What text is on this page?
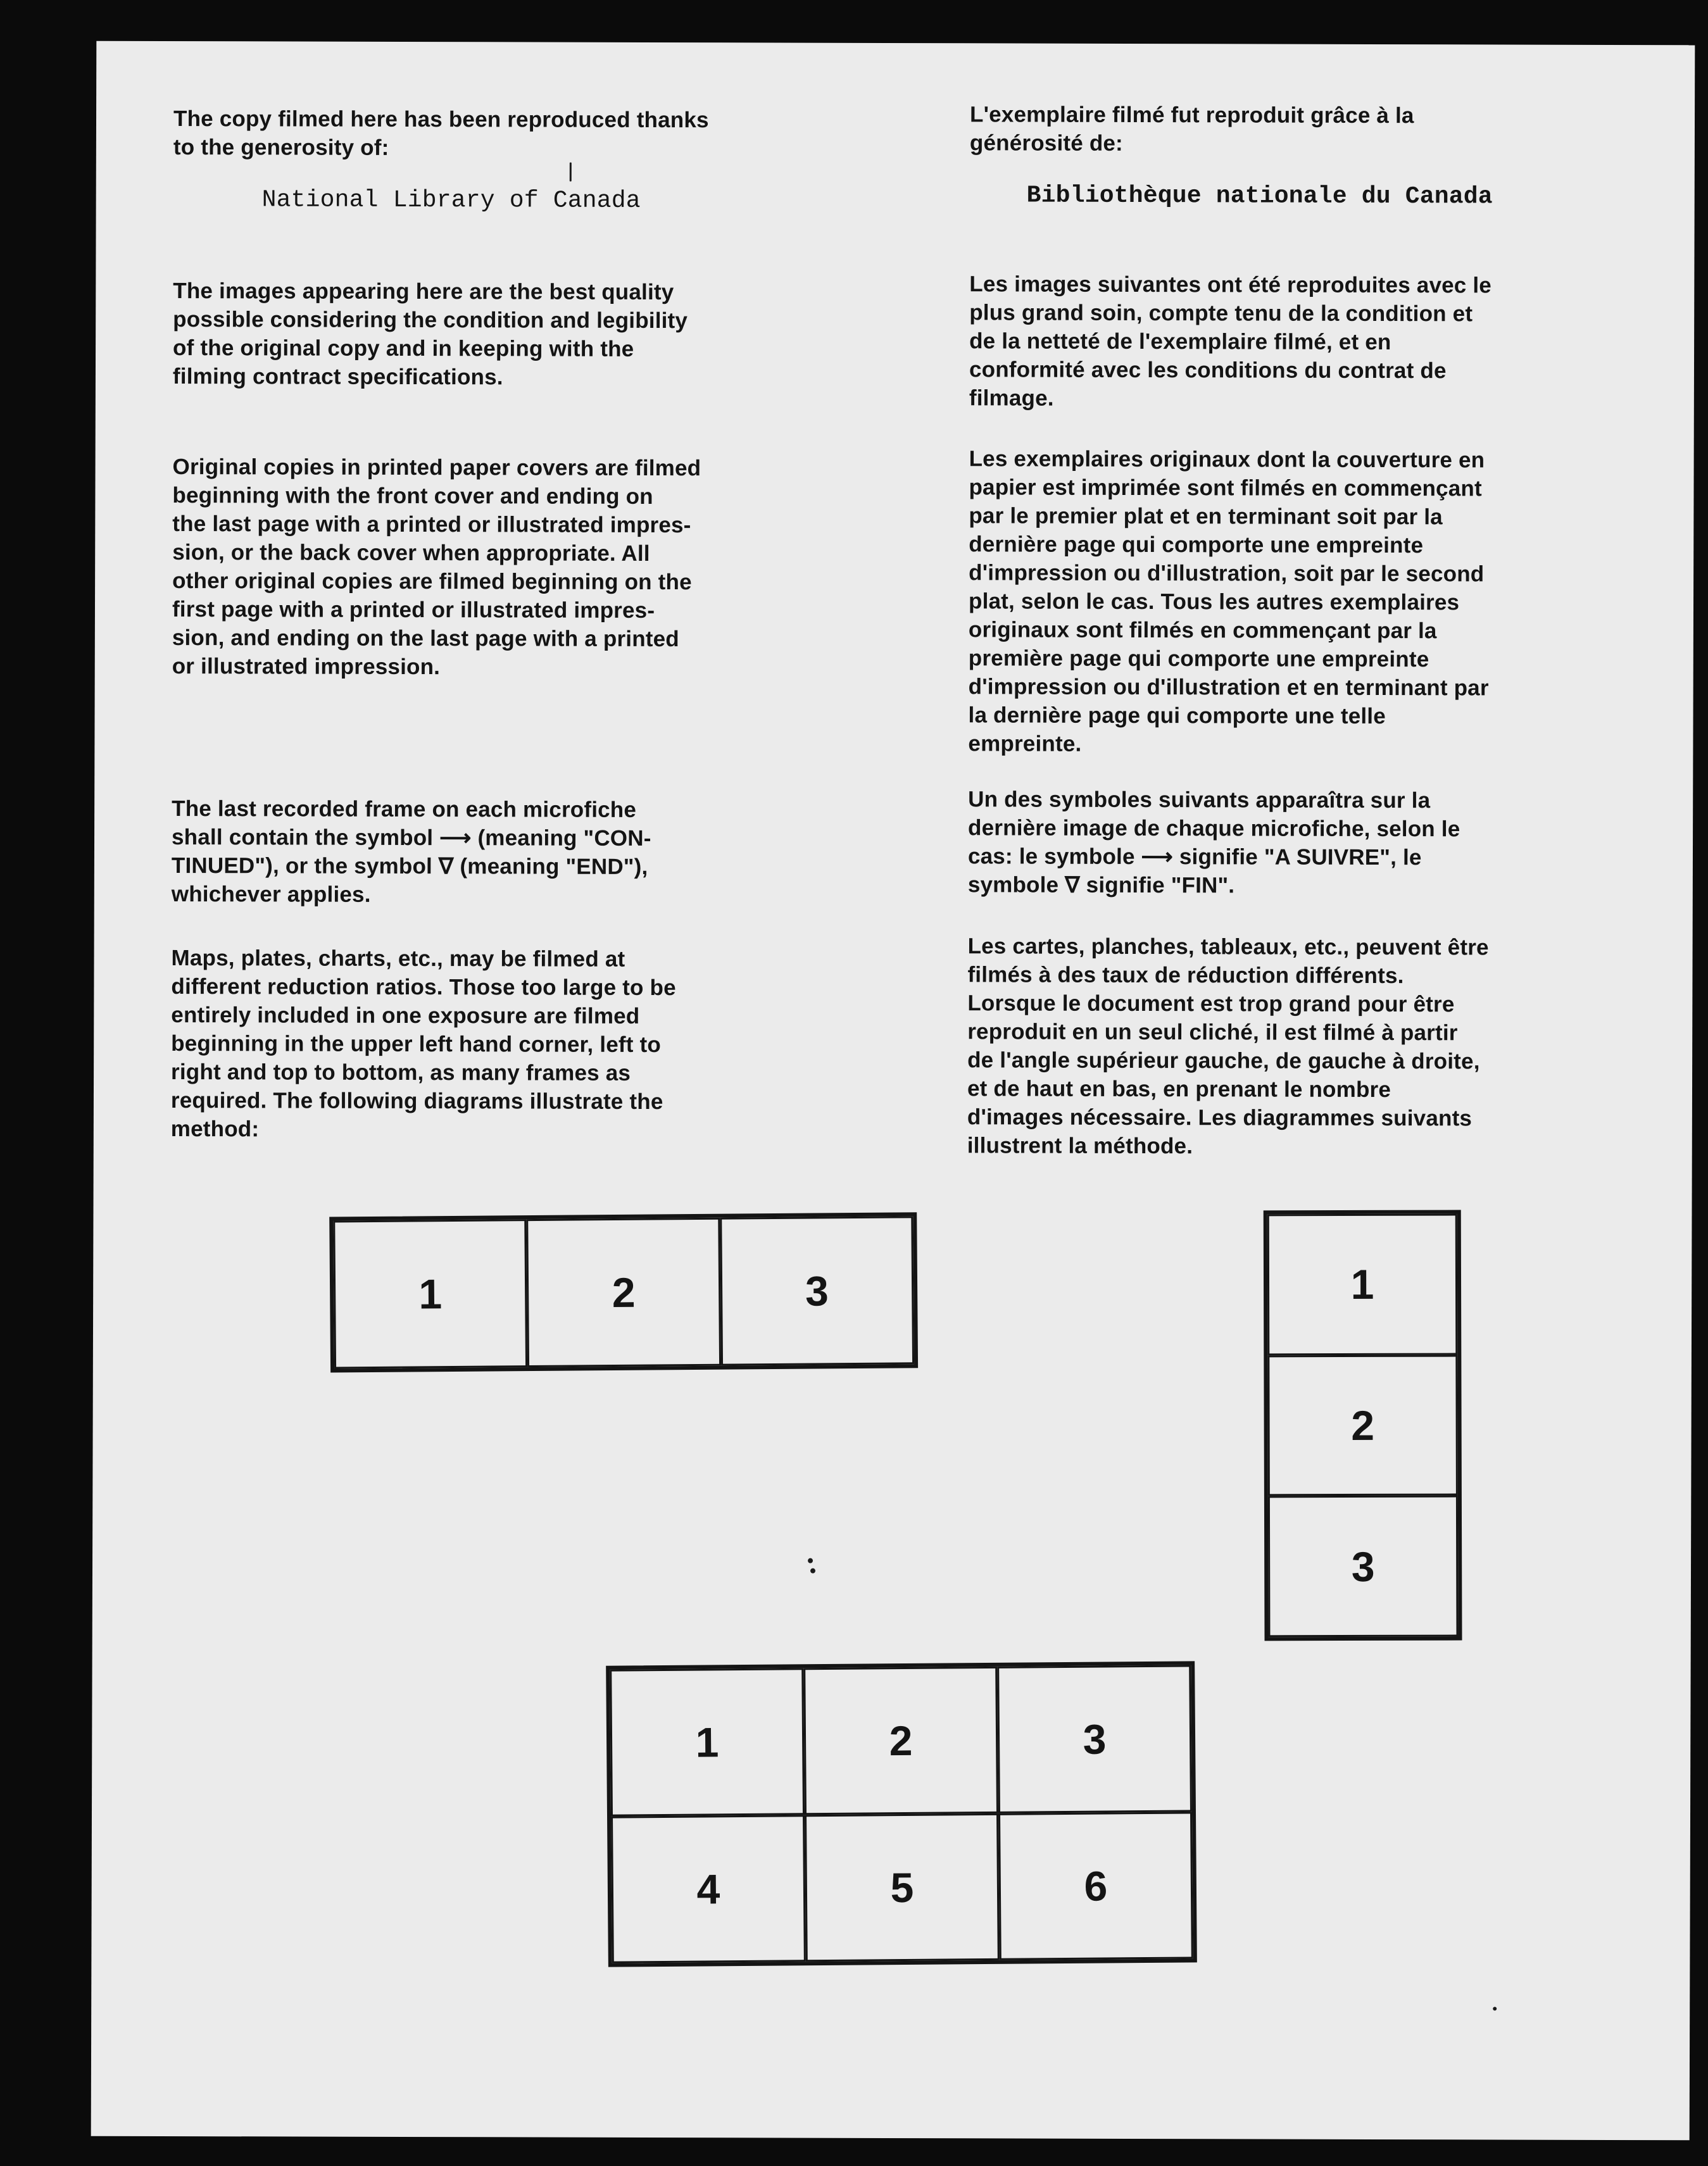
The copy filmed here has been reproduced thanks
to the generosity of:

National Library of Canada

The images appearing here are the best quality
possible considering the condition and legibility
of the original copy and in keeping with the
filming contract specifications.

Original copies in printed paper covers are filmed
beginning with the front cover and ending on
the last page with a printed or illustrated impres-
sion, or the back cover when appropriate. All
other original copies are filmed beginning on the
first page with a printed or illustrated impres-
sion, and ending on the last page with a printed
or illustrated impression.

The last recorded frame on each microfiche
shall contain the symbol ⟶ (meaning "CON-
TINUED"), or the symbol ∇ (meaning "END"),
whichever applies.

Maps, plates, charts, etc., may be filmed at
different reduction ratios. Those too large to be
entirely included in one exposure are filmed
beginning in the upper left hand corner, left to
right and top to bottom, as many frames as
required. The following diagrams illustrate the
method:

L'exemplaire filmé fut reproduit grâce à la
générosité de:

Bibliothèque nationale du Canada

Les images suivantes ont été reproduites avec le
plus grand soin, compte tenu de la condition et
de la netteté de l'exemplaire filmé, et en
conformité avec les conditions du contrat de
filmage.

Les exemplaires originaux dont la couverture en
papier est imprimée sont filmés en commençant
par le premier plat et en terminant soit par la
dernière page qui comporte une empreinte
d'impression ou d'illustration, soit par le second
plat, selon le cas. Tous les autres exemplaires
originaux sont filmés en commençant par la
première page qui comporte une empreinte
d'impression ou d'illustration et en terminant par
la dernière page qui comporte une telle
empreinte.

Un des symboles suivants apparaîtra sur la
dernière image de chaque microfiche, selon le
cas: le symbole ⟶ signifie "A SUIVRE", le
symbole ∇ signifie "FIN".

Les cartes, planches, tableaux, etc., peuvent être
filmés à des taux de réduction différents.
Lorsque le document est trop grand pour être
reproduit en un seul cliché, il est filmé à partir
de l'angle supérieur gauche, de gauche à droite,
et de haut en bas, en prenant le nombre
d'images nécessaire. Les diagrammes suivants
illustrent la méthode.

1	2	3	1
2
3
1	2	3
4	5	6
